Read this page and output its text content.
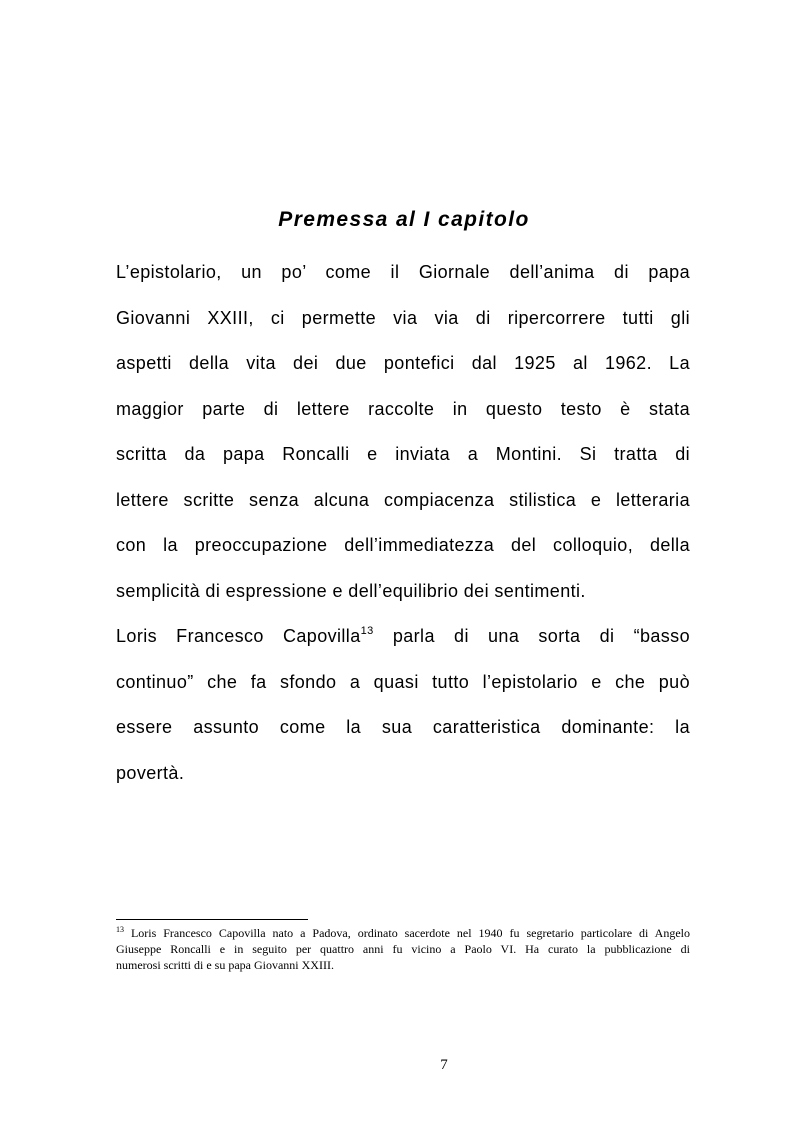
Premessa al I capitolo
L’epistolario, un po’ come il Giornale dell’anima di papa
Giovanni XXIII, ci permette via via di ripercorrere tutti gli
aspetti della vita dei due pontefici dal 1925 al 1962. La
maggior parte di lettere raccolte in questo testo è stata
scritta da papa Roncalli e inviata a Montini. Si tratta di
lettere scritte senza alcuna compiacenza stilistica e letteraria
con la preoccupazione dell’immediatezza del colloquio, della
semplicità di espressione e dell’equilibrio dei sentimenti.
Loris Francesco Capovilla$^{13}$ parla di una sorta di “basso
continuo” che fa sfondo a quasi tutto l’epistolario e che può
essere assunto come la sua caratteristica dominante: la
povertà.
$^{13}$ Loris Francesco Capovilla nato a Padova, ordinato sacerdote nel 1940 fu segretario particolare di Angelo
Giuseppe Roncalli e in seguito per quattro anni fu vicino a Paolo VI. Ha curato la pubblicazione di
numerosi scritti di e su papa Giovanni XXIII.
7
